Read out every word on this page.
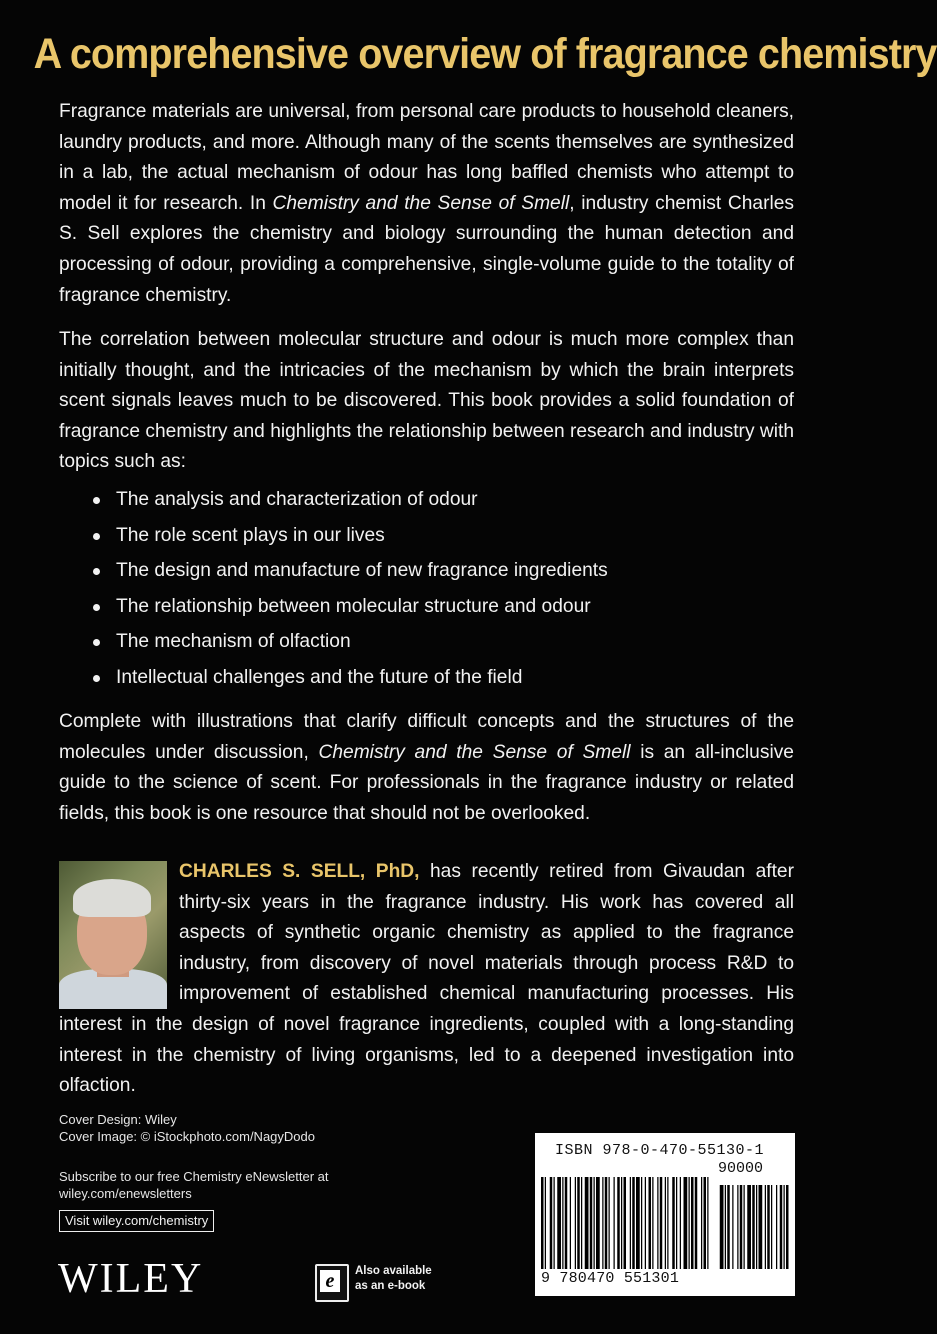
A comprehensive overview of fragrance chemistry

Fragrance materials are universal, from personal care products to household cleaners, laundry products, and more. Although many of the scents themselves are synthesized in a lab, the actual mechanism of odour has long baffled chemists who attempt to model it for research. In Chemistry and the Sense of Smell, industry chemist Charles S. Sell explores the chemistry and biology surrounding the human detection and processing of odour, providing a comprehensive, single-volume guide to the totality of fragrance chemistry.

The correlation between molecular structure and odour is much more complex than initially thought, and the intricacies of the mechanism by which the brain interprets scent signals leaves much to be discovered. This book provides a solid foundation of fragrance chemistry and highlights the relationship between research and industry with topics such as:

The analysis and characterization of odour
The role scent plays in our lives
The design and manufacture of new fragrance ingredients
The relationship between molecular structure and odour
The mechanism of olfaction
Intellectual challenges and the future of the field

Complete with illustrations that clarify difficult concepts and the structures of the molecules under discussion, Chemistry and the Sense of Smell is an all-inclusive guide to the science of scent. For professionals in the fragrance industry or related fields, this book is one resource that should not be overlooked.

CHARLES S. SELL, PhD, has recently retired from Givaudan after thirty-six years in the fragrance industry. His work has covered all aspects of synthetic organic chemistry as applied to the fragrance industry, from discovery of novel materials through process R&D to improvement of established chemical manufacturing processes. His interest in the design of novel fragrance ingredients, coupled with a long-standing interest in the chemistry of living organisms, led to a deepened investigation into olfaction.

Cover Design: Wiley
Cover Image: © iStockphoto.com/NagyDodo

Subscribe to our free Chemistry eNewsletter at
wiley.com/enewsletters

Visit wiley.com/chemistry
WILEY	e	Also available
as an e-book
ISBN 978-0-470-55130-1
90000
9 780470 551301
